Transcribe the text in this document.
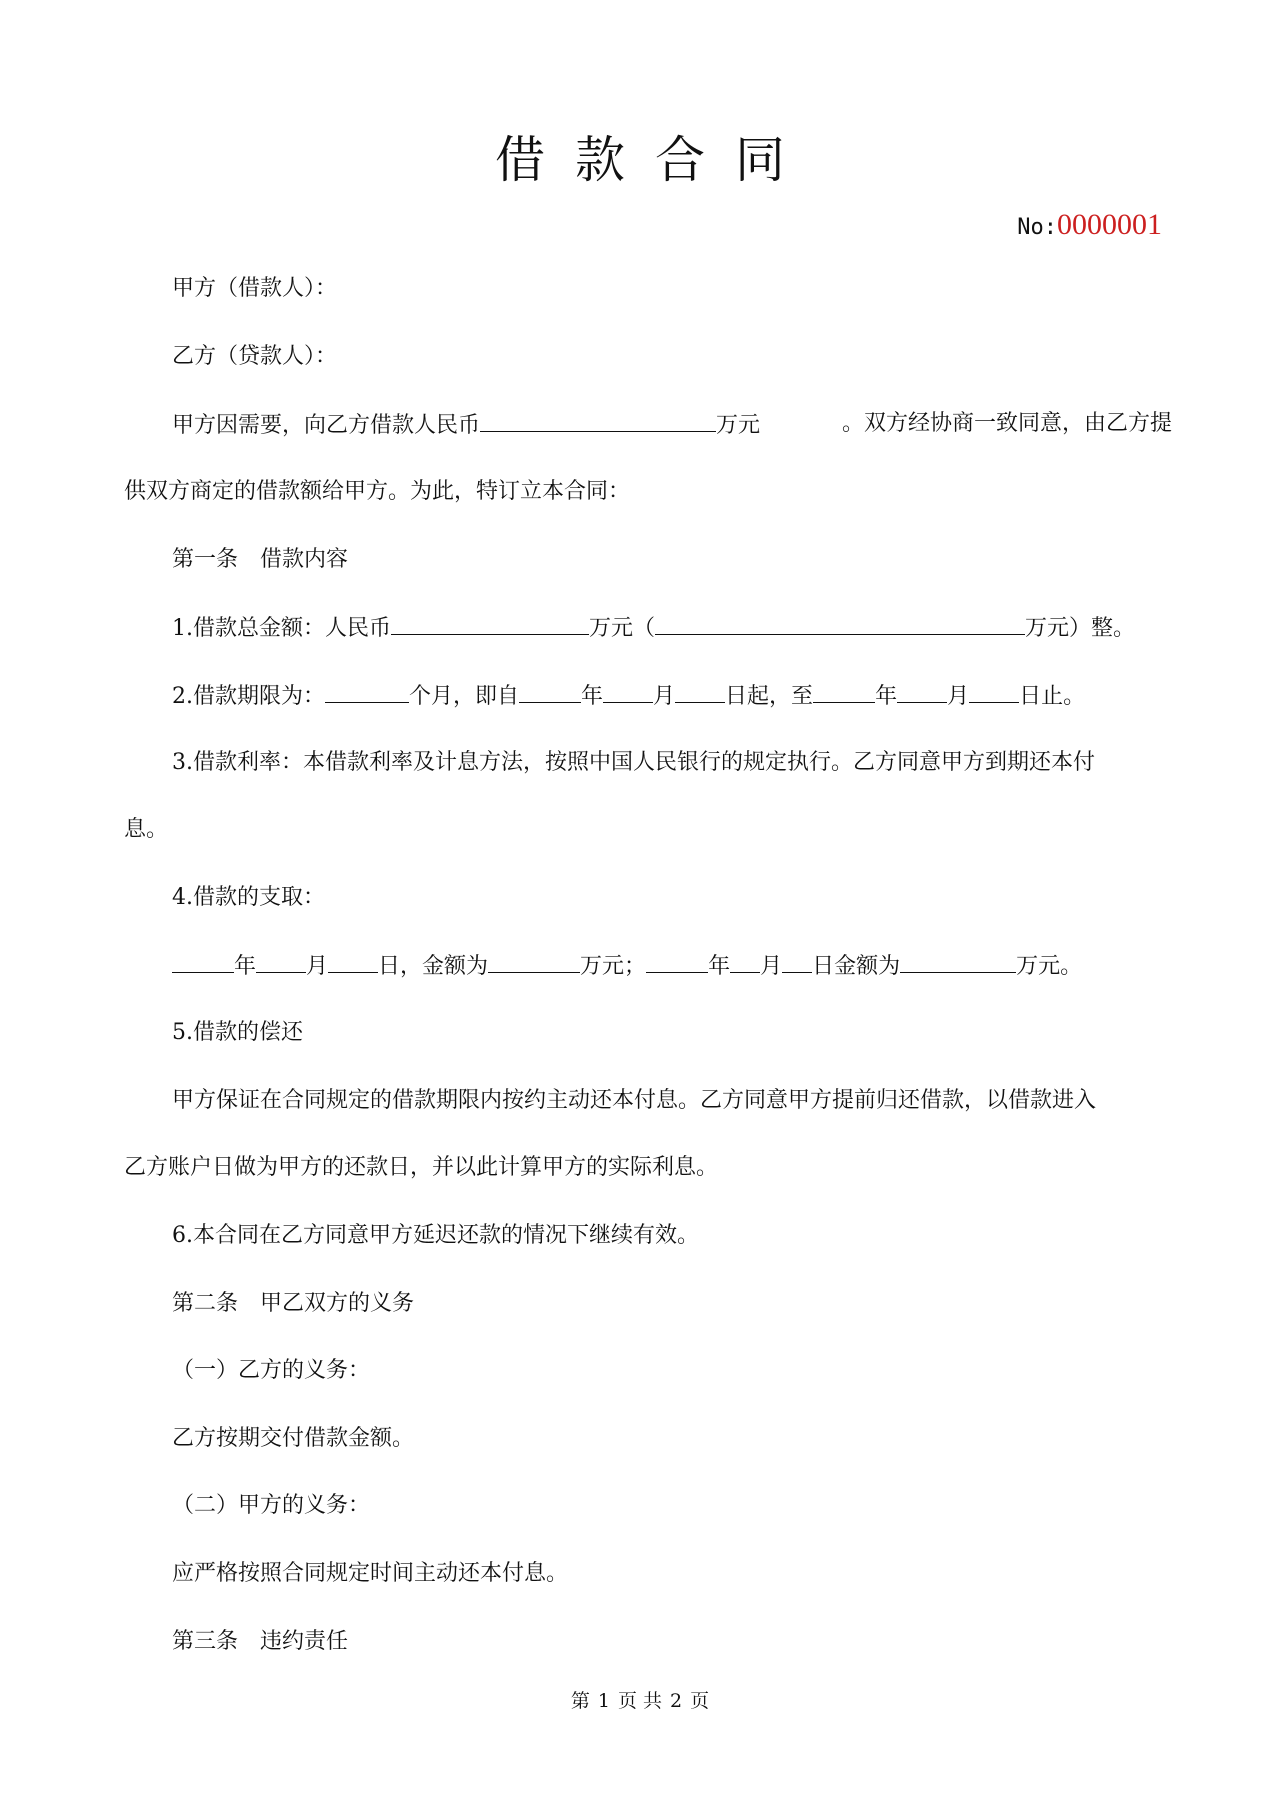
借款合同
No:0000001
甲方（借款人）：
乙方（贷款人）：
甲方因需要，向乙方借款人民币	万元	。双方经协商一致同意，由乙方提
供双方商定的借款额给甲方。为此，特订立本合同：
第一条　借款内容
1.借款总金额：人民币	万元（	万元）整。
2.借款期限为：	个月，即自	年 月 日起，至	年 月 日止。
3.借款利率：本借款利率及计息方法，按照中国人民银行的规定执行。乙方同意甲方到期还本付
息。
4.借款的支取：
年 月 日，金额为	万元；	年 月 日金额为	万元。
5.借款的偿还
甲方保证在合同规定的借款期限内按约主动还本付息。乙方同意甲方提前归还借款，以借款进入
乙方账户日做为甲方的还款日，并以此计算甲方的实际利息。
6.本合同在乙方同意甲方延迟还款的情况下继续有效。
第二条　甲乙双方的义务
（一）乙方的义务：
乙方按期交付借款金额。
（二）甲方的义务：
应严格按照合同规定时间主动还本付息。
第三条　违约责任
第 1 页 共 2 页
